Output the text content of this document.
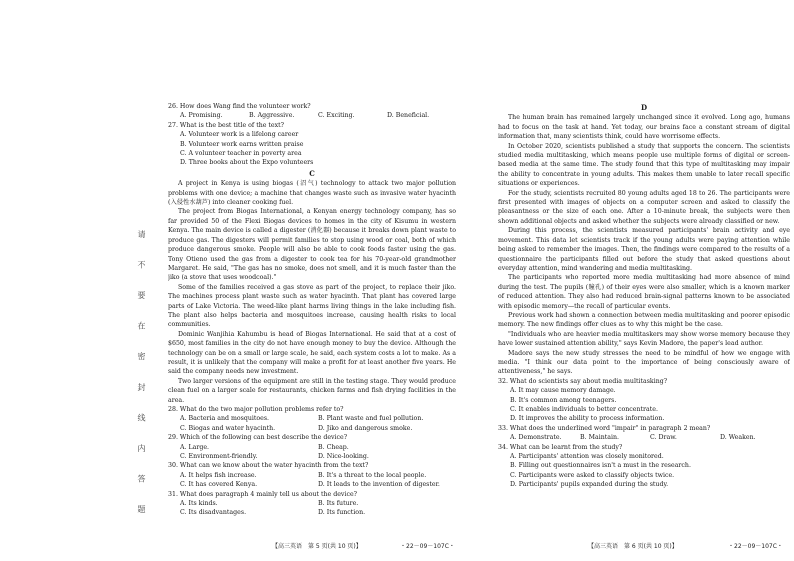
请 不 要 在 密 封 线 内 答 题

26. How does Wang find the volunteer work?

A. Promising.	B. Aggressive.	C. Exciting.	D. Beneficial.

27. What is the best title of the text?

A. Volunteer work is a lifelong career

B. Volunteer work earns written praise

C. A volunteer teacher in poverty area

D. Three books about the Expo volunteers

C

A project in Kenya is using biogas (沼气) technology to attack two major pollution problems with one device; a machine that changes waste such as invasive water hyacinth (入侵性水葫芦) into cleaner cooking fuel.

The project from Biogas International, a Kenyan energy technology company, has so far provided 50 of the Flexi Biogas devices to homes in the city of Kisumu in western Kenya. The main device is called a digester (消化器) because it breaks down plant waste to produce gas. The digesters will permit families to stop using wood or coal, both of which produce dangerous smoke. People will also be able to cook foods faster using the gas. Tony Otieno used the gas from a digester to cook tea for his 70-year-old grandmother Margaret. He said, "The gas has no smoke, does not smell, and it is much faster than the jiko (a stove that uses woodcoal)."

Some of the families received a gas stove as part of the project, to replace their jiko. The machines process plant waste such as water hyacinth. That plant has covered large parts of Lake Victoria. The weed-like plant harms living things in the lake including fish. The plant also helps bacteria and mosquitoes increase, causing health risks to local communities.

Dominic Wanjihia Kahumbu is head of Biogas International. He said that at a cost of $650, most families in the city do not have enough money to buy the device. Although the technology can be on a small or large scale, he said, each system costs a lot to make. As a result, it is unlikely that the company will make a profit for at least another five years. He said the company needs new investment.

Two larger versions of the equipment are still in the testing stage. They would produce clean fuel on a larger scale for restaurants, chicken farms and fish drying facilities in the area.

28. What do the two major pollution problems refer to?

A. Bacteria and mosquitoes.	B. Plant waste and fuel pollution.
C. Biogas and water hyacinth.	D. Jiko and dangerous smoke.

29. Which of the following can best describe the device?

A. Large.	B. Cheap.
C. Environment-friendly.	D. Nice-looking.

30. What can we know about the water hyacinth from the text?

A. It helps fish increase.	B. It's a threat to the local people.
C. It has covered Kenya.	D. It leads to the invention of digester.

31. What does paragraph 4 mainly tell us about the device?

A. Its kinds.	B. Its future.
C. Its disadvantages.	D. Its function.
D

The human brain has remained largely unchanged since it evolved. Long ago, humans had to focus on the task at hand. Yet today, our brains face a constant stream of digital information that, many scientists think, could have worrisome effects.

In October 2020, scientists published a study that supports the concern. The scientists studied media multitasking, which means people use multiple forms of digital or screen-based media at the same time. The study found that this type of multitasking may impair the ability to concentrate in young adults. This makes them unable to later recall specific situations or experiences.

For the study, scientists recruited 80 young adults aged 18 to 26. The participants were first presented with images of objects on a computer screen and asked to classify the pleasantness or the size of each one. After a 10-minute break, the subjects were then shown additional objects and asked whether the subjects were already classified or new.

During this process, the scientists measured participants' brain activity and eye movement. This data let scientists track if the young adults were paying attention while being asked to remember the images. Then, the findings were compared to the results of a questionnaire the participants filled out before the study that asked questions about everyday attention, mind wandering and media multitasking.

The participants who reported more media multitasking had more absence of mind during the test. The pupils (瞳孔) of their eyes were also smaller, which is a known marker of reduced attention. They also had reduced brain-signal patterns known to be associated with episodic memory—the recall of particular events.

Previous work had shown a connection between media multitasking and poorer episodic memory. The new findings offer clues as to why this might be the case.

"Individuals who are heavier media multitaskers may show worse memory because they have lower sustained attention ability," says Kevin Madore, the paper's lead author.

Madore says the new study stresses the need to be mindful of how we engage with media. "I think our data point to the importance of being consciously aware of attentiveness," he says.

32. What do scientists say about media multitasking?

A. It may cause memory damage.

B. It's common among teenagers.

C. It enables individuals to better concentrate.

D. It improves the ability to process information.

33. What does the underlined word "impair" in paragraph 2 mean?

A. Demonstrate.	B. Maintain.	C. Draw.	D. Weaken.

34. What can be learnt from the study?

A. Participants' attention was closely monitored.

B. Filling out questionnaires isn't a must in the research.

C. Participants were asked to classify objects twice.

D. Participants' pupils expanded during the study.

【高三英语　第 5 页(共 10 页)】	・22－09－107C・	【高三英语　第 6 页(共 10 页)】	・22－09－107C・
